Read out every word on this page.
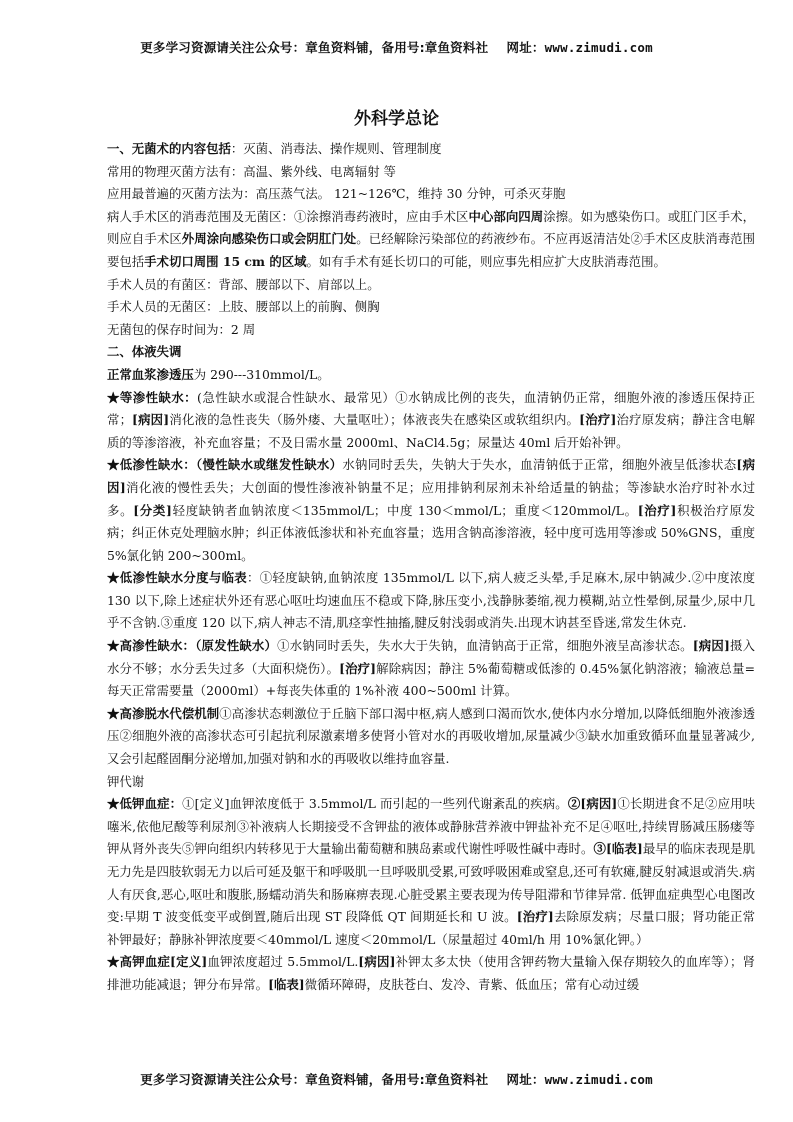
更多学习资源请关注公众号：章鱼资料铺，备用号:章鱼资料社 网址：www.zimudi.com
外科学总论

一、无菌术的内容包括：灭菌、消毒法、操作规则、管理制度

常用的物理灭菌方法有：高温、紫外线、电离辐射 等

应用最普遍的灭菌方法为：高压蒸气法。 121~126℃，维持 30 分钟，可杀灭芽胞

病人手术区的消毒范围及无菌区：①涂擦消毒药液时，应由手术区中心部向四周涂擦。如为感染伤口。或肛门区手术，则应自手术区外周涂向感染伤口或会阴肛门处。已经解除污染部位的药液纱布。不应再返清洁处②手术区皮肤消毒范围要包括手术切口周围 15 cm 的区域。如有手术有延长切口的可能，则应事先相应扩大皮肤消毒范围。

手术人员的有菌区：背部、腰部以下、肩部以上。

手术人员的无菌区：上肢、腰部以上的前胸、侧胸

无菌包的保存时间为：2 周

二、体液失调

正常血浆渗透压为 290---310mmol/L。

★等渗性缺水：(急性缺水或混合性缺水、最常见）①水钠成比例的丧失，血清钠仍正常，细胞外液的渗透压保持正常；[病因]消化液的急性丧失（肠外瘘、大量呕吐）；体液丧失在感染区或软组织内。[治疗]治疗原发病；静注含电解质的等渗溶液，补充血容量；不及日需水量 2000ml、NaCl4.5g；尿量达 40ml 后开始补钾。

★低渗性缺水：（慢性缺水或继发性缺水）水钠同时丢失，失钠大于失水，血清钠低于正常，细胞外液呈低渗状态[病因]消化液的慢性丢失；大创面的慢性渗液补钠量不足；应用排钠利尿剂未补给适量的钠盐；等渗缺水治疗时补水过多。[分类]轻度缺钠者血钠浓度＜135mmol/L；中度 130＜mmol/L；重度＜120mmol/L。[治疗]积极治疗原发病；纠正休克处理脑水肿；纠正体液低渗状和补充血容量；选用含钠高渗溶液，轻中度可选用等渗或 50%GNS，重度 5%氯化钠 200~300ml。

★低渗性缺水分度与临表：①轻度缺钠,血钠浓度 135mmol/L 以下,病人疲乏头晕,手足麻木,尿中钠减少.②中度浓度 130 以下,除上述症状外还有恶心呕吐均速血压不稳或下降,脉压变小,浅静脉萎缩,视力模糊,站立性晕倒,尿量少,尿中几乎不含钠.③重度 120 以下,病人神志不清,肌痉挛性抽搐,腱反射浅弱或消失.出现木讷甚至昏迷,常发生休克.

★高渗性缺水：（原发性缺水）①水钠同时丢失，失水大于失钠，血清钠高于正常，细胞外液呈高渗状态。[病因]摄入水分不够；水分丢失过多（大面积烧伤）。[治疗]解除病因；静注 5%葡萄糖或低渗的 0.45%氯化钠溶液；输液总量=每天正常需要量（2000ml）+每丧失体重的 1%补液 400~500ml 计算。

★高渗脱水代偿机制①高渗状态刺激位于丘脑下部口渴中枢,病人感到口渴而饮水,使体内水分增加,以降低细胞外液渗透压②细胞外液的高渗状态可引起抗利尿激素增多使肾小管对水的再吸收增加,尿量减少③缺水加重致循环血量显著减少,又会引起醛固酮分泌增加,加强对钠和水的再吸收以维持血容量.

钾代谢

★低钾血症：①[定义]血钾浓度低于 3.5mmol/L 而引起的一些列代谢紊乱的疾病。②[病因]①长期进食不足②应用呋噻米,依他尼酸等利尿剂③补液病人长期接受不含钾盐的液体或静脉营养液中钾盐补充不足④呕吐,持续胃肠减压肠瘘等钾从肾外丧失⑤钾向组织内转移见于大量输出葡萄糖和胰岛素或代谢性呼吸性碱中毒时。③[临表]最早的临床表现是肌无力先是四肢软弱无力以后可延及躯干和呼吸肌一旦呼吸肌受累,可致呼吸困难或窒息,还可有软瘫,腱反射减退或消失.病人有厌食,恶心,呕吐和腹胀,肠蠕动消失和肠麻痹表现.心脏受累主要表现为传导阻滞和节律异常. 低钾血症典型心电图改变:早期 T 波变低变平或倒置,随后出现 ST 段降低 QT 间期延长和 U 波。[治疗]去除原发病；尽量口服；肾功能正常补钾最好；静脉补钾浓度要＜40mmol/L 速度＜20mmol/L（尿量超过 40ml/h 用 10%氯化钾。）

★高钾血症[定义]血钾浓度超过 5.5mmol/L.[病因]补钾太多太快（使用含钾药物大量输入保存期较久的血库等）；肾排泄功能减退；钾分布异常。[临表]微循环障碍，皮肤苍白、发冷、青紫、低血压；常有心动过缓

更多学习资源请关注公众号：章鱼资料铺，备用号:章鱼资料社 网址：www.zimudi.com
